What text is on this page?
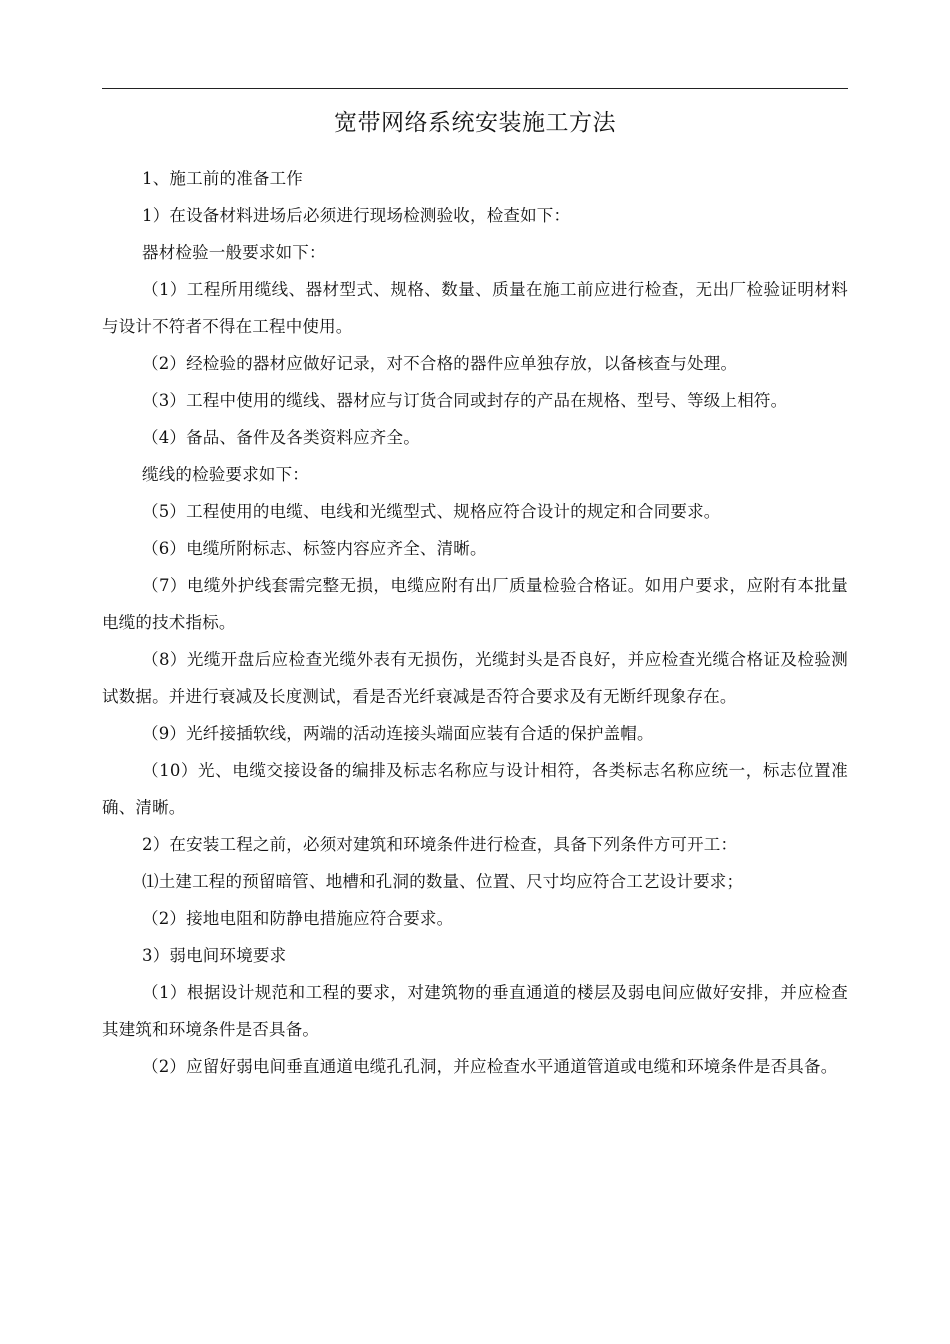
宽带网络系统安装施工方法

1、施工前的准备工作

1）在设备材料进场后必须进行现场检测验收，检查如下：

器材检验一般要求如下：

（1）工程所用缆线、器材型式、规格、数量、质量在施工前应进行检查，无出厂检验证明材料与设计不符者不得在工程中使用。

（2）经检验的器材应做好记录，对不合格的器件应单独存放，以备核查与处理。

（3）工程中使用的缆线、器材应与订货合同或封存的产品在规格、型号、等级上相符。

（4）备品、备件及各类资料应齐全。

缆线的检验要求如下：

（5）工程使用的电缆、电线和光缆型式、规格应符合设计的规定和合同要求。

（6）电缆所附标志、标签内容应齐全、清晰。

（7）电缆外护线套需完整无损，电缆应附有出厂质量检验合格证。如用户要求，应附有本批量电缆的技术指标。

（8）光缆开盘后应检查光缆外表有无损伤，光缆封头是否良好，并应检查光缆合格证及检验测试数据。并进行衰减及长度测试，看是否光纤衰减是否符合要求及有无断纤现象存在。

（9）光纤接插软线，两端的活动连接头端面应装有合适的保护盖帽。

（10）光、电缆交接设备的编排及标志名称应与设计相符，各类标志名称应统一，标志位置准确、清晰。

2）在安装工程之前，必须对建筑和环境条件进行检查，具备下列条件方可开工：

⑴土建工程的预留暗管、地槽和孔洞的数量、位置、尺寸均应符合工艺设计要求；

（2）接地电阻和防静电措施应符合要求。

3）弱电间环境要求

（1）根据设计规范和工程的要求，对建筑物的垂直通道的楼层及弱电间应做好安排，并应检查其建筑和环境条件是否具备。

（2）应留好弱电间垂直通道电缆孔孔洞，并应检查水平通道管道或电缆和环境条件是否具备。
